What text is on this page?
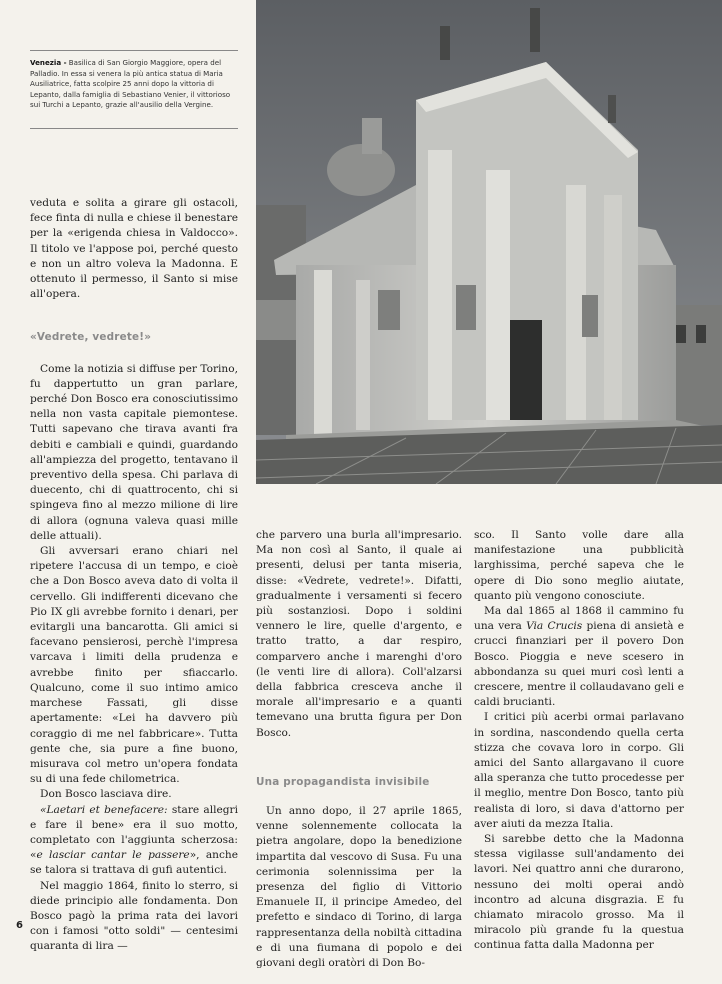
Venezia - Basilica di San Giorgio Maggiore, opera del Palladio. In essa si venera la più antica statua di Maria Ausiliatrice, fatta scolpire 25 anni dopo la vittoria di Lepanto, dalla famiglia di Sebastiano Venier, il vittorioso sui Turchi a Lepanto, grazie all'ausilio della Vergine.

veduta e solita a girare gli ostacoli, fece finta di nulla e chiese il benestare per la «erigenda chiesa in Valdocco». Il titolo ve l'appose poi, perché questo e non un altro voleva la Madonna. E ottenuto il permesso, il Santo si mise all'opera.

«Vedrete, vedrete!»

Come la notizia si diffuse per Torino, fu dappertutto un gran parlare, perché Don Bosco era conosciutissimo nella non vasta capitale piemontese. Tutti sapevano che tirava avanti fra debiti e cambiali e quindi, guardando all'ampiezza del progetto, tentavano il preventivo della spesa. Chi parlava di duecento, chi di quattrocento, chi si spingeva fino al mezzo milione di lire di allora (ognuna valeva quasi mille delle attuali).

Gli avversari erano chiari nel ripetere l'accusa di un tempo, e cioè che a Don Bosco aveva dato di volta il cervello. Gli indifferenti dicevano che Pio IX gli avrebbe fornito i denari, per evitargli una bancarotta. Gli amici si facevano pensierosi, perchè l'impresa varcava i limiti della prudenza e avrebbe finito per sfiaccarlo. Qualcuno, come il suo intimo amico marchese Fassati, gli disse apertamente: «Lei ha davvero più coraggio di me nel fabbricare». Tutta gente che, sia pure a fine buono, misurava col metro un'opera fondata su di una fede chilometrica.

Don Bosco lasciava dire.

«Laetari et benefacere: stare allegri e fare il bene» era il suo motto, completato con l'aggiunta scherzosa: «e lasciar cantar le passere», anche se talora si trattava di gufi autentici.

Nel maggio 1864, finito lo sterro, si diede principio alle fondamenta. Don Bosco pagò la prima rata dei lavori con i famosi "otto soldi" — centesimi quaranta di lira —

che parvero una burla all'impresario. Ma non così al Santo, il quale ai presenti, delusi per tanta miseria, disse: «Vedrete, vedrete!». Difatti, gradualmente i versamenti si fecero più sostanziosi. Dopo i soldini vennero le lire, quelle d'argento, e tratto tratto, a dar respiro, comparvero anche i marenghi d'oro (le venti lire di allora). Coll'alzarsi della fabbrica cresceva anche il morale all'impresario e a quanti temevano una brutta figura per Don Bosco.

Una propagandista invisibile

Un anno dopo, il 27 aprile 1865, venne solennemente collocata la pietra angolare, dopo la benedizione impartita dal vescovo di Susa. Fu una cerimonia solennissima per la presenza del figlio di Vittorio Emanuele II, il principe Amedeo, del prefetto e sindaco di Torino, di larga rappresentanza della nobiltà cittadina e di una fiumana di popolo e dei giovani degli oratòri di Don Bo-

sco. Il Santo volle dare alla manifestazione una pubblicità larghissima, perché sapeva che le opere di Dio sono meglio aiutate, quanto più vengono conosciute.

Ma dal 1865 al 1868 il cammino fu una vera Via Crucis piena di ansietà e crucci finanziari per il povero Don Bosco. Pioggia e neve scesero in abbondanza su quei muri così lenti a crescere, mentre il collaudavano geli e caldi brucianti.

I critici più acerbi ormai parlavano in sordina, nascondendo quella certa stizza che covava loro in corpo. Gli amici del Santo allargavano il cuore alla speranza che tutto procedesse per il meglio, mentre Don Bosco, tanto più realista di loro, si dava d'attorno per aver aiuti da mezza Italia.

Si sarebbe detto che la Madonna stessa vigilasse sull'andamento dei lavori. Nei quattro anni che durarono, nessuno dei molti operai andò incontro ad alcuna disgrazia. E fu chiamato miracolo grosso. Ma il miracolo più grande fu la questua continua fatta dalla Madonna per

6
